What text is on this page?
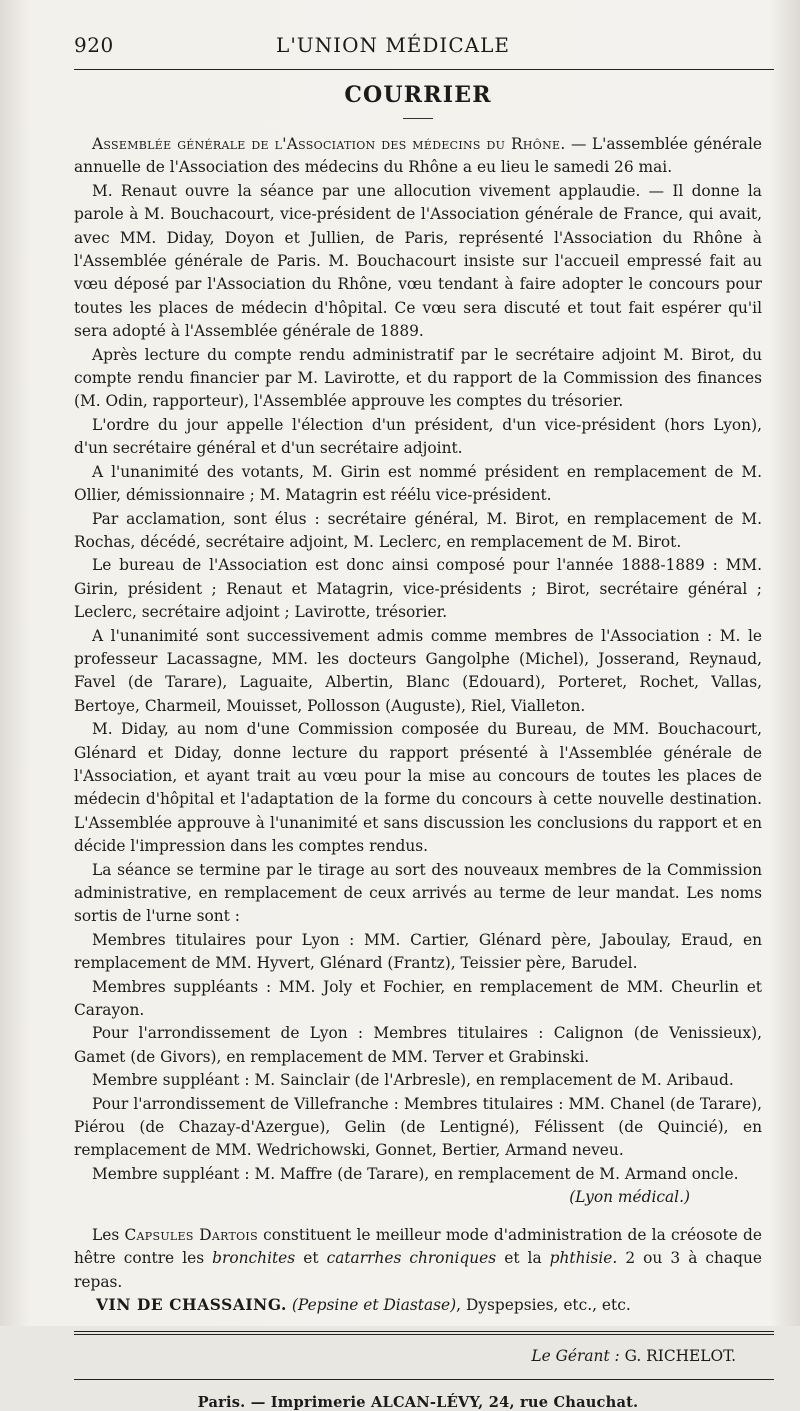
920	L'UNION MÉDICALE
COURRIER

Assemblée générale de l'Association des médecins du Rhône. — L'assemblée générale annuelle de l'Association des médecins du Rhône a eu lieu le samedi 26 mai.

M. Renaut ouvre la séance par une allocution vivement applaudie. — Il donne la parole à M. Bouchacourt, vice-président de l'Association générale de France, qui avait, avec MM. Diday, Doyon et Jullien, de Paris, représenté l'Association du Rhône à l'Assemblée générale de Paris. M. Bouchacourt insiste sur l'accueil empressé fait au vœu déposé par l'Association du Rhône, vœu tendant à faire adopter le concours pour toutes les places de médecin d'hôpital. Ce vœu sera discuté et tout fait espérer qu'il sera adopté à l'Assemblée générale de 1889.

Après lecture du compte rendu administratif par le secrétaire adjoint M. Birot, du compte rendu financier par M. Lavirotte, et du rapport de la Commission des finances (M. Odin, rapporteur), l'Assemblée approuve les comptes du trésorier.

L'ordre du jour appelle l'élection d'un président, d'un vice-président (hors Lyon), d'un secrétaire général et d'un secrétaire adjoint.

A l'unanimité des votants, M. Girin est nommé président en remplacement de M. Ollier, démissionnaire ; M. Matagrin est réélu vice-président.

Par acclamation, sont élus : secrétaire général, M. Birot, en remplacement de M. Rochas, décédé, secrétaire adjoint, M. Leclerc, en remplacement de M. Birot.

Le bureau de l'Association est donc ainsi composé pour l'année 1888-1889 : MM. Girin, président ; Renaut et Matagrin, vice-présidents ; Birot, secrétaire général ; Leclerc, secrétaire adjoint ; Lavirotte, trésorier.

A l'unanimité sont successivement admis comme membres de l'Association : M. le professeur Lacassagne, MM. les docteurs Gangolphe (Michel), Josserand, Reynaud, Favel (de Tarare), Laguaite, Albertin, Blanc (Edouard), Porteret, Rochet, Vallas, Bertoye, Charmeil, Mouisset, Pollosson (Auguste), Riel, Vialleton.

M. Diday, au nom d'une Commission composée du Bureau, de MM. Bouchacourt, Glénard et Diday, donne lecture du rapport présenté à l'Assemblée générale de l'Association, et ayant trait au vœu pour la mise au concours de toutes les places de médecin d'hôpital et l'adaptation de la forme du concours à cette nouvelle destination. L'Assemblée approuve à l'unanimité et sans discussion les conclusions du rapport et en décide l'impression dans les comptes rendus.

La séance se termine par le tirage au sort des nouveaux membres de la Commission administrative, en remplacement de ceux arrivés au terme de leur mandat. Les noms sortis de l'urne sont :

Membres titulaires pour Lyon : MM. Cartier, Glénard père, Jaboulay, Eraud, en remplacement de MM. Hyvert, Glénard (Frantz), Teissier père, Barudel.

Membres suppléants : MM. Joly et Fochier, en remplacement de MM. Cheurlin et Carayon.

Pour l'arrondissement de Lyon : Membres titulaires : Calignon (de Venissieux), Gamet (de Givors), en remplacement de MM. Terver et Grabinski.

Membre suppléant : M. Sainclair (de l'Arbresle), en remplacement de M. Aribaud.

Pour l'arrondissement de Villefranche : Membres titulaires : MM. Chanel (de Tarare), Piérou (de Chazay-d'Azergue), Gelin (de Lentigné), Félissent (de Quincié), en remplacement de MM. Wedrichowski, Gonnet, Bertier, Armand neveu.

Membre suppléant : M. Maffre (de Tarare), en remplacement de M. Armand oncle.

(Lyon médical.)

Les Capsules Dartois constituent le meilleur mode d'administration de la créosote de hêtre contre les bronchites et catarrhes chroniques et la phthisie. 2 ou 3 à chaque repas.

VIN DE CHASSAING. (Pepsine et Diastase), Dyspepsies, etc., etc.

Le Gérant : G. RICHELOT.
Paris. — Imprimerie ALCAN-LÉVY, 24, rue Chauchat.
